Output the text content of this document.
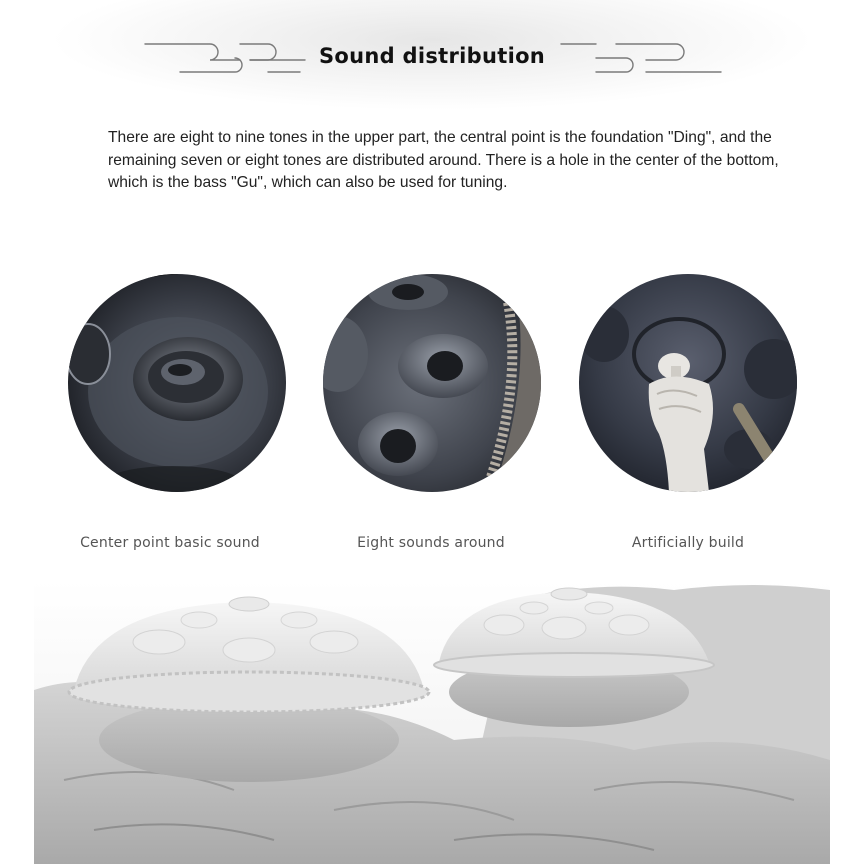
Sound distribution
There are eight to nine tones in the upper part, the central point is the foundation "Ding", and the remaining seven or eight tones are distributed around. There is a hole in the center of the bottom, which is the bass "Gu", which can also be used for tuning.
Center point basic sound	Eight sounds around	Artificially build
